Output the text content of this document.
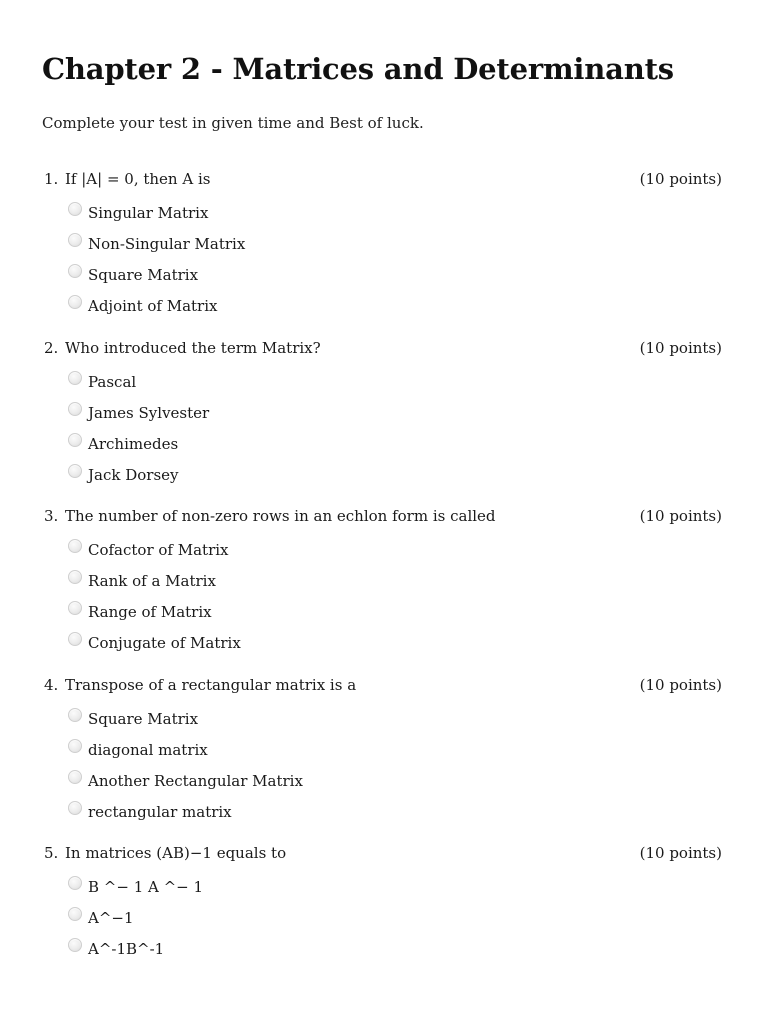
Chapter 2 - Matrices and Determinants

Complete your test in given time and Best of luck.

1. If |A| = 0, then A is	(10 points)
Singular Matrix
Non-Singular Matrix
Square Matrix
Adjoint of Matrix
2. Who introduced the term Matrix?	(10 points)
Pascal
James Sylvester
Archimedes
Jack Dorsey
3. The number of non-zero rows in an echlon form is called	(10 points)
Cofactor of Matrix
Rank of a Matrix
Range of Matrix
Conjugate of Matrix
4. Transpose of a rectangular matrix is a	(10 points)
Square Matrix
diagonal matrix
Another Rectangular Matrix
rectangular matrix
5. In matrices (AB)−1 equals to	(10 points)
B ^− 1 A ^− 1
A^−1
A^-1B^-1
